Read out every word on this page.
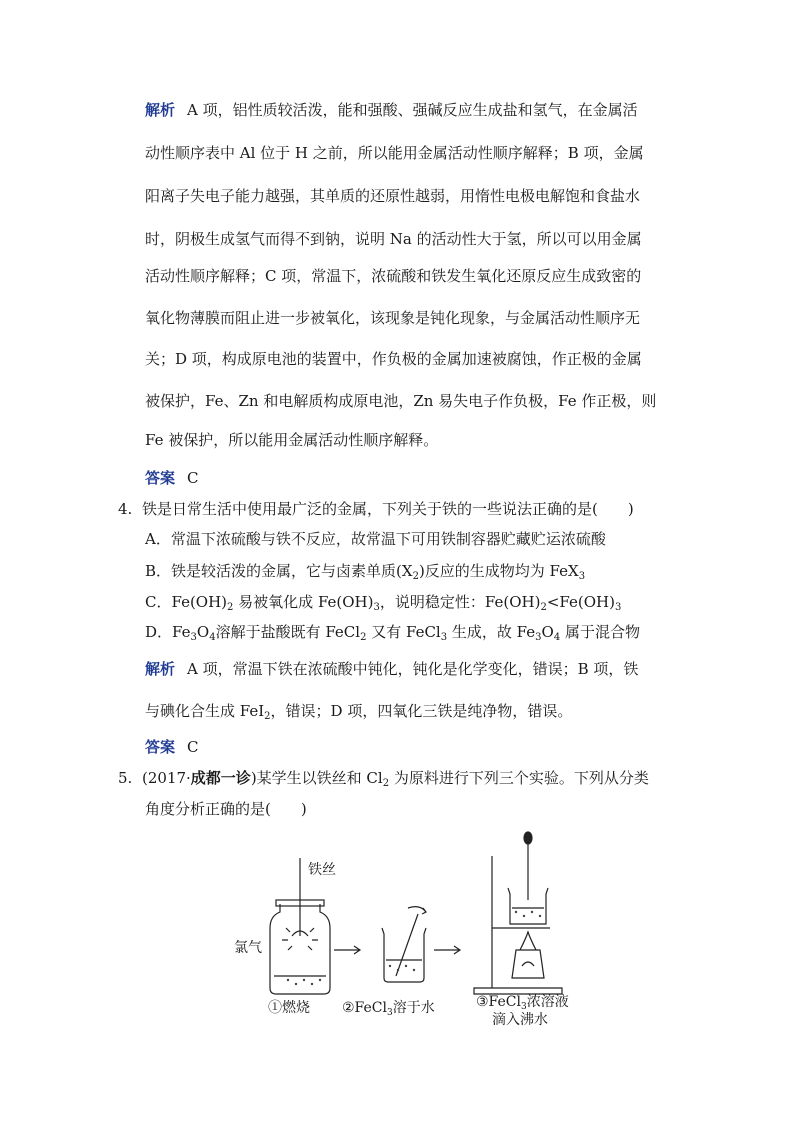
解析 A 项，铝性质较活泼，能和强酸、强碱反应生成盐和氢气，在金属活
动性顺序表中 Al 位于 H 之前，所以能用金属活动性顺序解释；B 项，金属
阳离子失电子能力越强，其单质的还原性越弱，用惰性电极电解饱和食盐水
时，阴极生成氢气而得不到钠，说明 Na 的活动性大于氢，所以可以用金属
活动性顺序解释；C 项，常温下，浓硫酸和铁发生氧化还原反应生成致密的
氧化物薄膜而阻止进一步被氧化，该现象是钝化现象，与金属活动性顺序无
关；D 项，构成原电池的装置中，作负极的金属加速被腐蚀，作正极的金属
被保护，Fe、Zn 和电解质构成原电池，Zn 易失电子作负极，Fe 作正极，则
Fe 被保护，所以能用金属活动性顺序解释。
答案 C
4. 铁是日常生活中使用最广泛的金属，下列关于铁的一些说法正确的是(　　)
A．常温下浓硫酸与铁不反应，故常温下可用铁制容器贮藏贮运浓硫酸
B．铁是较活泼的金属，它与卤素单质$(X_2)$反应的生成物均为 FeX$_3$
C．$Fe(OH)_2$ 易被氧化成 $Fe(OH)_3$，说明稳定性：$Fe(OH)_2<Fe(OH)_3$
D．$Fe_3O_4$溶解于盐酸既有 FeCl$_2$ 又有 FeCl$_3$ 生成，故 $Fe_3O_4$ 属于混合物
解析 A 项，常温下铁在浓硫酸中钝化，钝化是化学变化，错误；B 项，铁
与碘化合生成 FeI$_2$，错误；D 项，四氧化三铁是纯净物，错误。
答案 C
5. (2017·成都一诊)某学生以铁丝和 $Cl_2$ 为原料进行下列三个实验。下列从分类
角度分析正确的是(　　)
铁丝
氯气
①燃烧 ②FeCl$_3$溶于水	③FeCl$_3$浓溶液
滴入沸水
